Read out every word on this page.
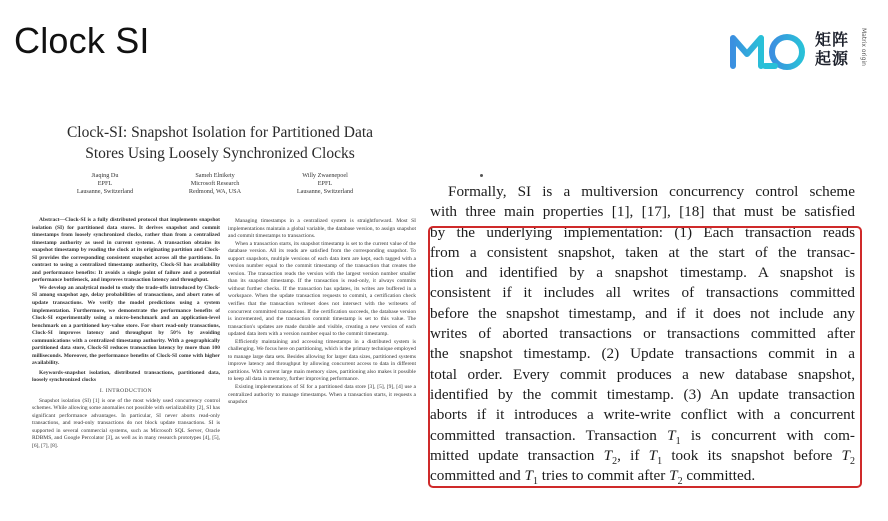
Clock SI	矩阵
起源 Matrix origin
Clock-SI: Snapshot Isolation for Partitioned Data
Stores Using Loosely Synchronized Clocks
Jiaqing Du
EPFL
Lausanne, Switzerland
Sameh Elnikety
Microsoft Research
Redmond, WA, USA
Willy Zwaenepoel
EPFL
Lausanne, Switzerland

Abstract—Clock-SI is a fully distributed protocol that implements snapshot isolation (SI) for partitioned data stores. It derives snapshot and commit timestamps from loosely synchronized clocks, rather than from a centralized timestamp authority as used in current systems. A transaction obtains its snapshot timestamp by reading the clock at its originating partition and Clock-SI provides the corresponding consistent snapshot across all the partitions. In contrast to using a centralized timestamp authority, Clock-SI has availability and performance benefits: It avoids a single point of failure and a potential performance bottleneck, and improves transaction latency and throughput.

We develop an analytical model to study the trade-offs introduced by Clock-SI among snapshot age, delay probabilities of transactions, and abort rates of update transactions. We verify the model predictions using a system implementation. Furthermore, we demonstrate the performance benefits of Clock-SI experimentally using a micro-benchmark and an application-level benchmark on a partitioned key-value store. For short read-only transactions, Clock-SI improves latency and throughput by 50% by avoiding communications with a centralized timestamp authority. With a geographically partitioned data store, Clock-SI reduces transaction latency by more than 100 milliseconds. Moreover, the performance benefits of Clock-SI come with higher availability.

Keywords-snapshot isolation, distributed transactions, partitioned data, loosely synchronized clocks

I. INTRODUCTION

Snapshot isolation (SI) [1] is one of the most widely used concurrency control schemes. While allowing some anomalies not possible with serializability [2], SI has significant performance advantages. In particular, SI never aborts read-only transactions, and read-only transactions do not block update transactions. SI is supported in several commercial systems, such as Microsoft SQL Server, Oracle RDBMS, and Google Percolator [3], as well as in many research prototypes [4], [5], [6], [7], [8].

Managing timestamps in a centralized system is straightforward. Most SI implementations maintain a global variable, the database version, to assign snapshot and commit timestamps to transactions.

When a transaction starts, its snapshot timestamp is set to the current value of the database version. All its reads are satisfied from the corresponding snapshot. To support snapshots, multiple versions of each data item are kept, each tagged with a version number equal to the commit timestamp of the transaction that creates the version. The transaction reads the version with the largest version number smaller than its snapshot timestamp. If the transaction is read-only, it always commits without further checks. If the transaction has updates, its writes are buffered in a workspace. When the update transaction requests to commit, a certification check verifies that the transaction writeset does not intersect with the writesets of concurrent committed transactions. If the certification succeeds, the database version is incremented, and the transaction commit timestamp is set to this value. The transaction's updates are made durable and visible, creating a new version of each updated data item with a version number equal to the commit timestamp.

Efficiently maintaining and accessing timestamps in a distributed system is challenging. We focus here on partitioning, which is the primary technique employed to manage large data sets. Besides allowing for larger data sizes, partitioned systems improve latency and throughput by allowing concurrent access to data in different partitions. With current large main memory sizes, partitioning also makes it possible to keep all data in memory, further improving performance.

Existing implementations of SI for a partitioned data store [3], [5], [9], [4] use a centralized authority to manage timestamps. When a transaction starts, it requests a snapshot

Formally, SI is a multiversion concurrency control scheme
with three main properties [1], [17], [18] that must be satisfied
by the underlying implementation: (1) Each transaction reads
from a consistent snapshot, taken at the start of the transac-
tion and identified by a snapshot timestamp. A snapshot is
consistent if it includes all writes of transactions committed
before the snapshot timestamp, and if it does not include any
writes of aborted transactions or transactions committed after
the snapshot timestamp. (2) Update transactions commit in a
total order. Every commit produces a new database snapshot,
identified by the commit timestamp. (3) An update transaction
aborts if it introduces a write-write conflict with a concurrent
committed transaction. Transaction $T_1$ is concurrent with com-
mitted update transaction $T_2$, if $T_1$ took its snapshot before $T_2$
committed and $T_1$ tries to commit after $T_2$ committed.
